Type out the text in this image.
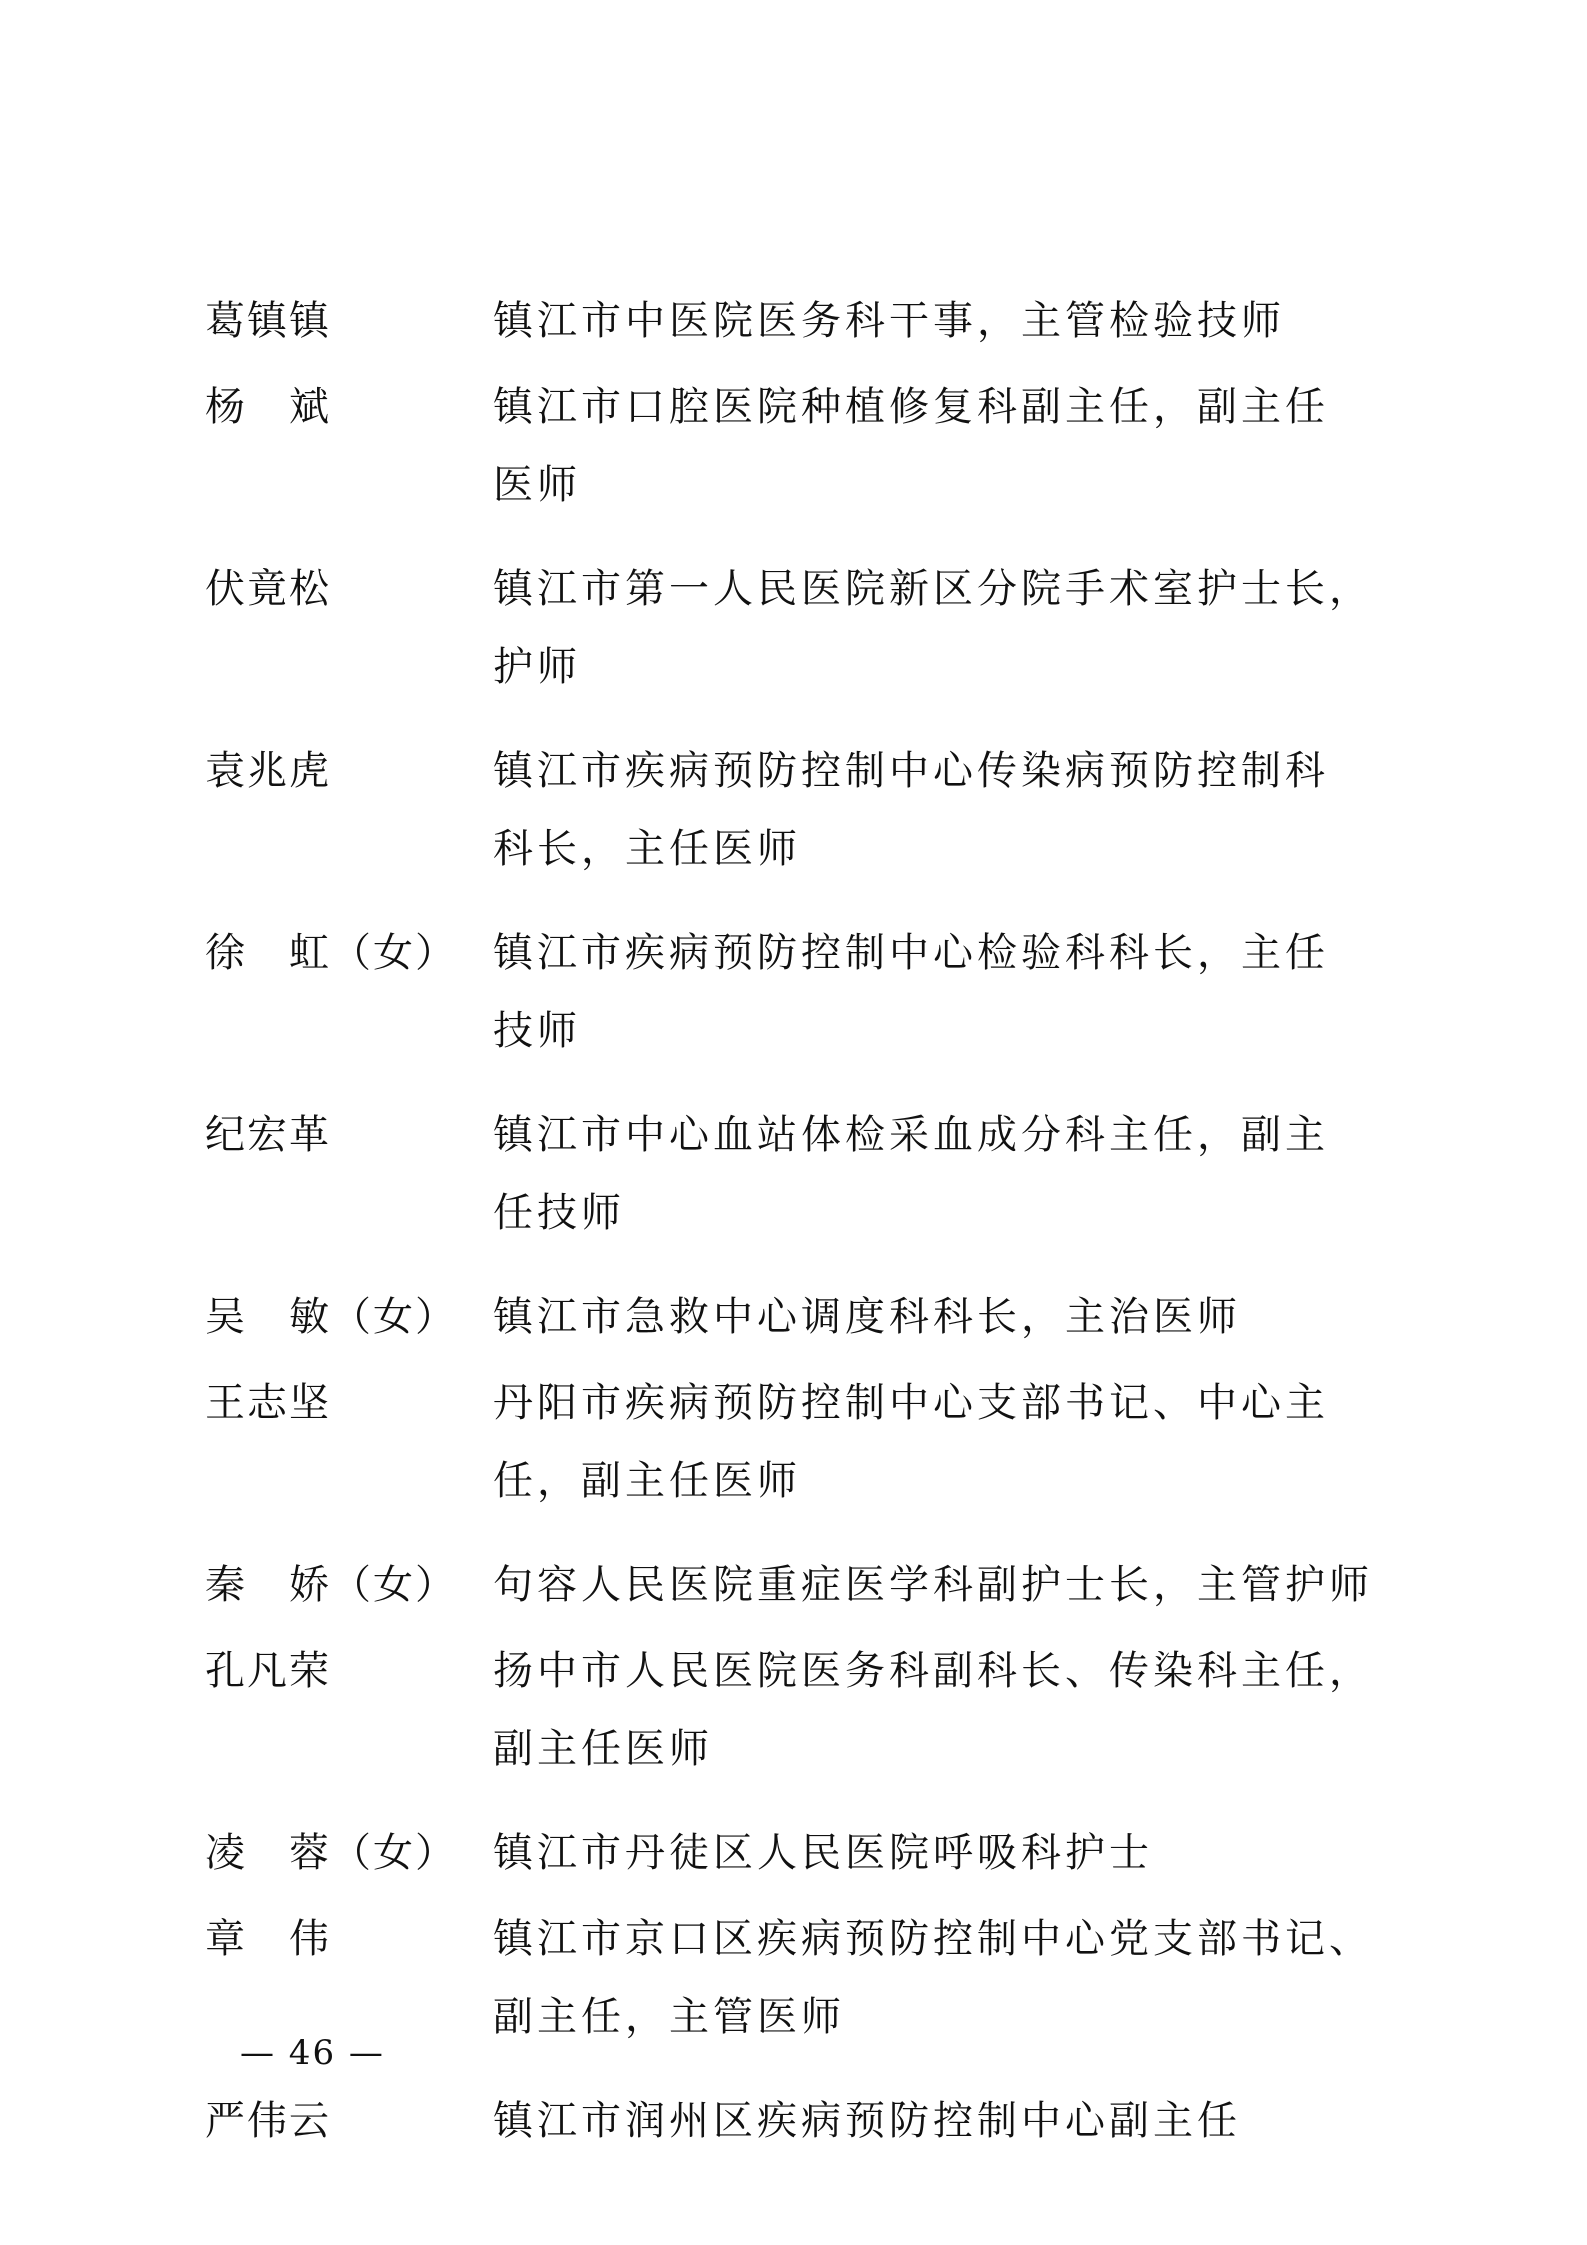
葛镇镇	镇江市中医院医务科干事，主管检验技师
杨　斌	镇江市口腔医院种植修复科副主任，副主任
医师
伏竟松	镇江市第一人民医院新区分院手术室护士长，
护师
袁兆虎	镇江市疾病预防控制中心传染病预防控制科
科长，主任医师
徐　虹（女） 镇江市疾病预防控制中心检验科科长，主任
技师
纪宏革	镇江市中心血站体检采血成分科主任，副主
任技师
吴　敏（女） 镇江市急救中心调度科科长，主治医师
王志坚	丹阳市疾病预防控制中心支部书记、中心主
任，副主任医师
秦　娇（女） 句容人民医院重症医学科副护士长，主管护师
孔凡荣	扬中市人民医院医务科副科长、传染科主任，
副主任医师
凌　蓉（女） 镇江市丹徒区人民医院呼吸科护士
章　伟	镇江市京口区疾病预防控制中心党支部书记、
副主任，主管医师
严伟云	镇江市润州区疾病预防控制中心副主任
— 46 —
